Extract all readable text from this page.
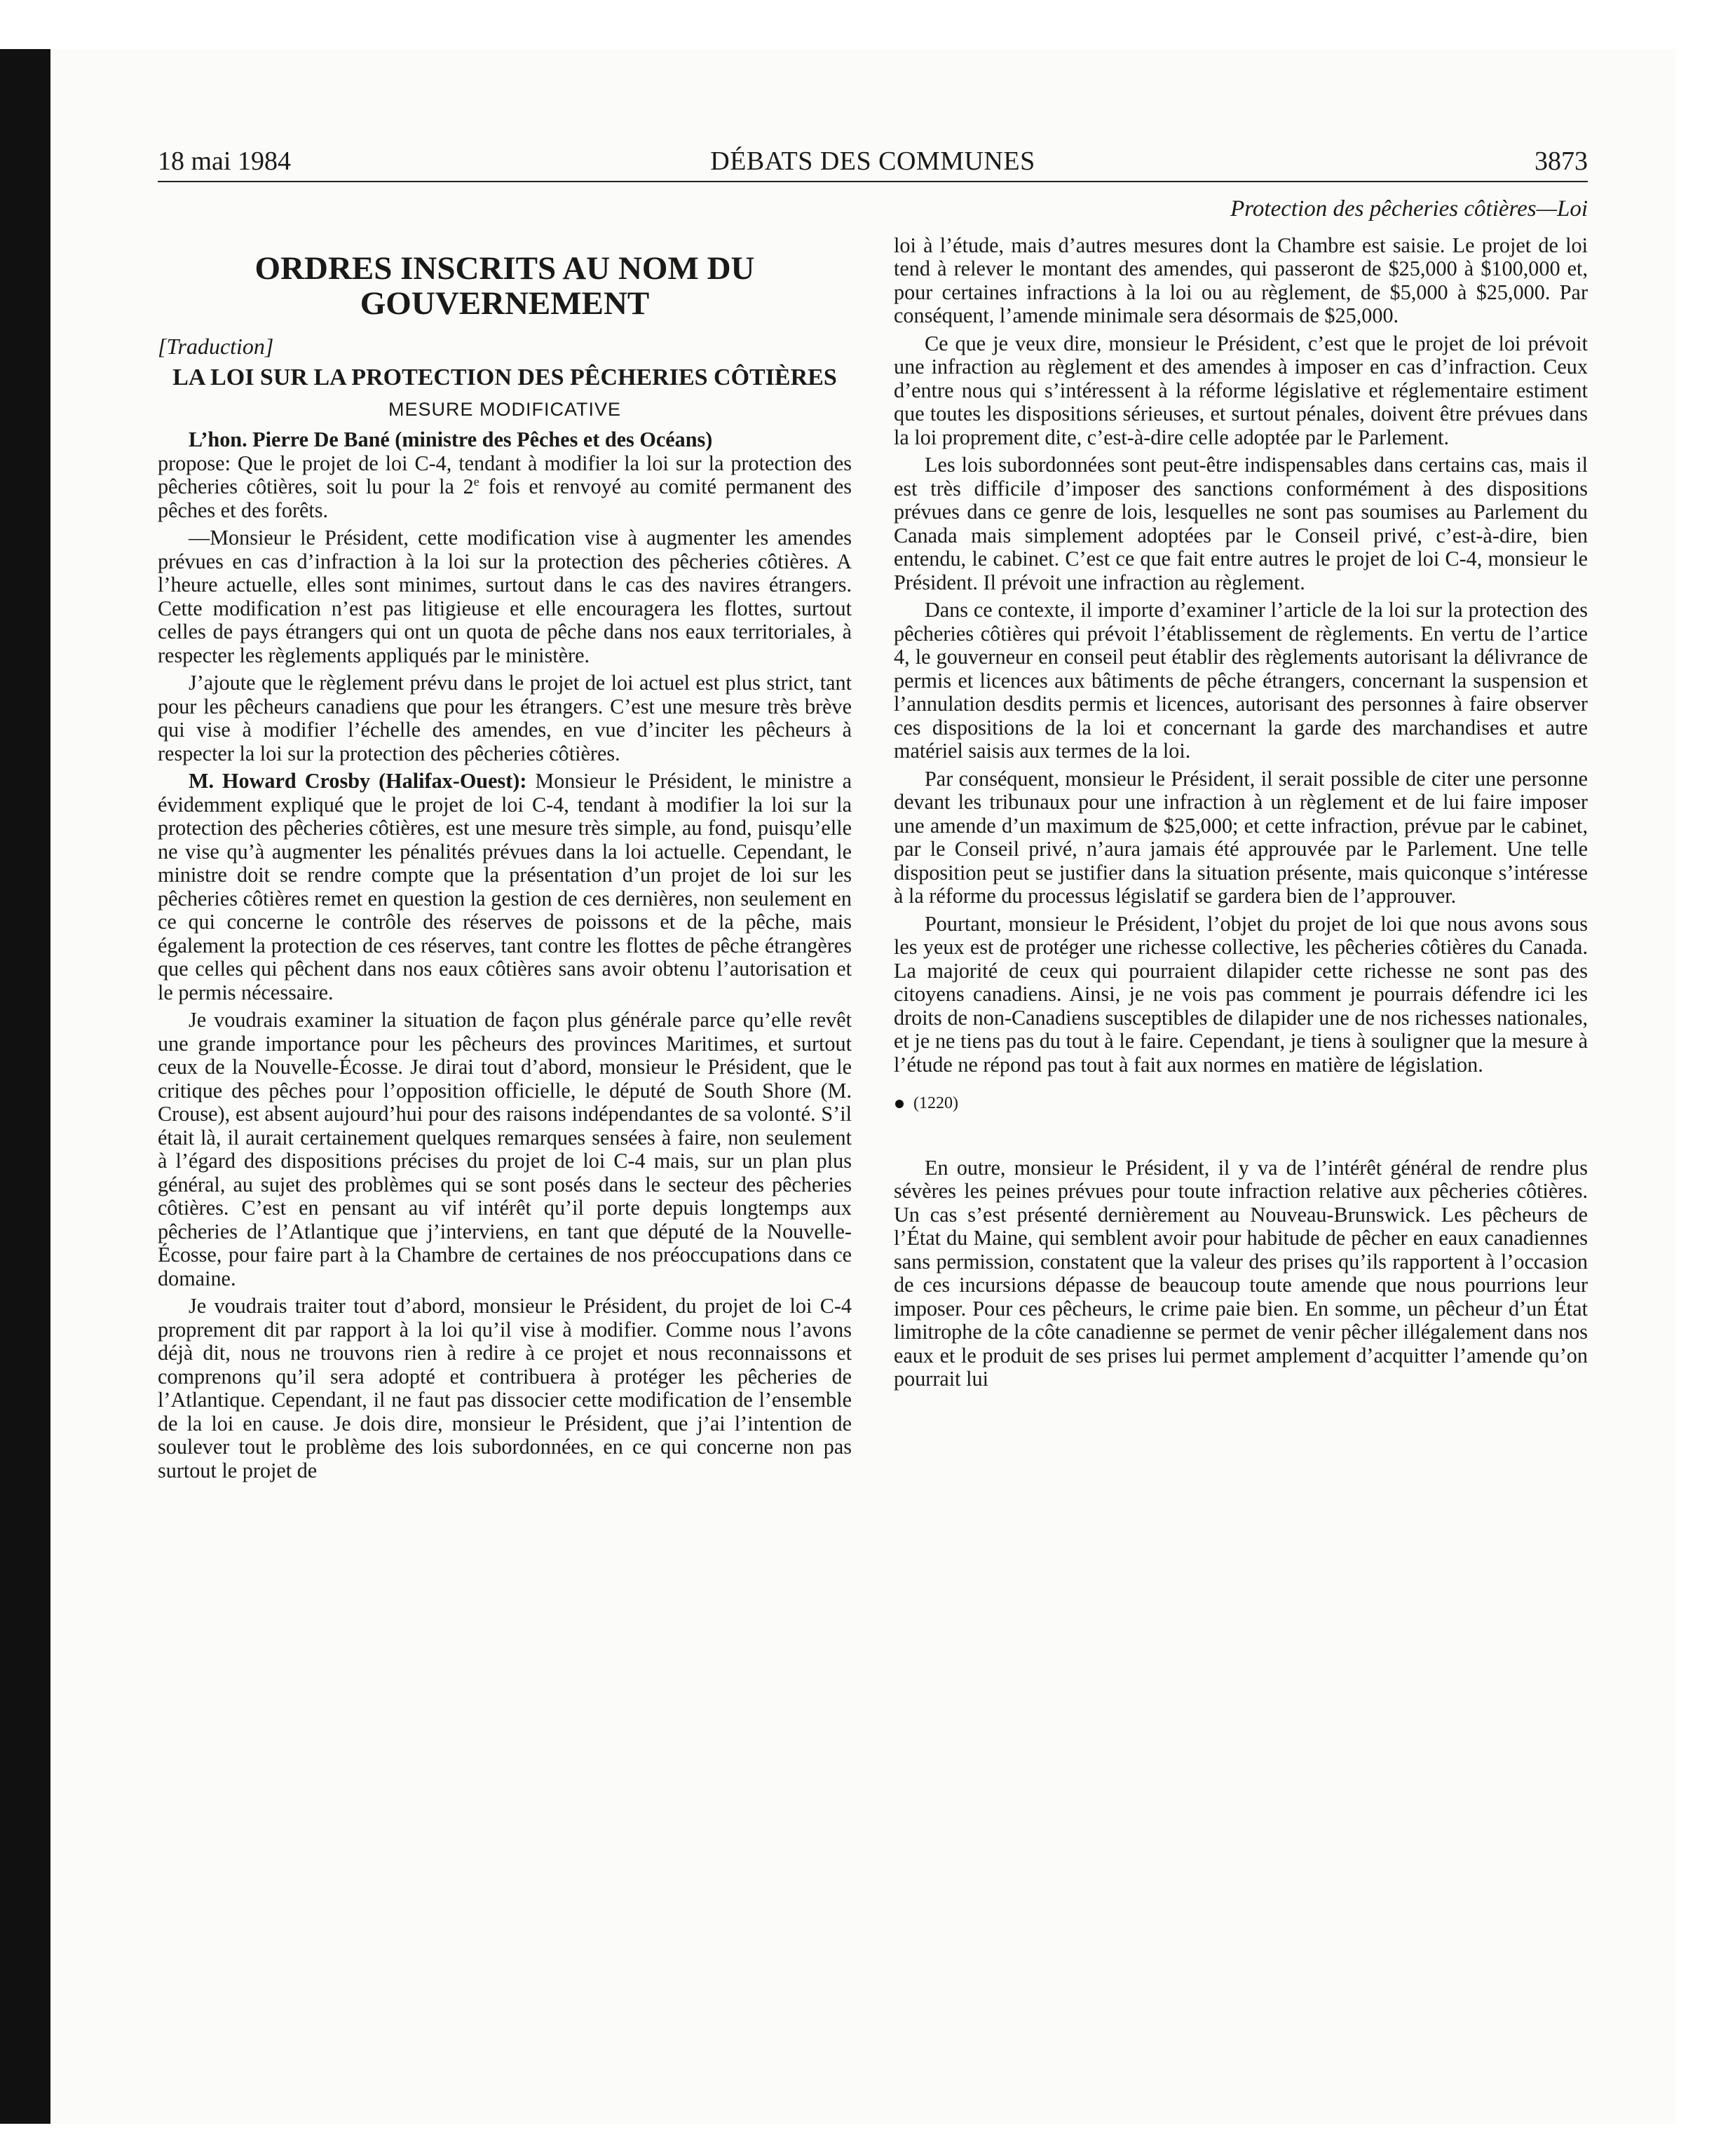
18 mai 1984	DÉBATS DES COMMUNES	3873
ORDRES INSCRITS AU NOM DU GOUVERNEMENT
[Traduction]
LA LOI SUR LA PROTECTION DES PÊCHERIES CÔTIÈRES
MESURE MODIFICATIVE

L’hon. Pierre De Bané (ministre des Pêches et des Océans)
propose: Que le projet de loi C-4, tendant à modifier la loi sur la protection des pêcheries côtières, soit lu pour la 2e fois et renvoyé au comité permanent des pêches et des forêts.

—Monsieur le Président, cette modification vise à augmenter les amendes prévues en cas d’infraction à la loi sur la protection des pêcheries côtières. A l’heure actuelle, elles sont minimes, surtout dans le cas des navires étrangers. Cette modification n’est pas litigieuse et elle encouragera les flottes, surtout celles de pays étrangers qui ont un quota de pêche dans nos eaux territoriales, à respecter les règlements appliqués par le ministère.

J’ajoute que le règlement prévu dans le projet de loi actuel est plus strict, tant pour les pêcheurs canadiens que pour les étrangers. C’est une mesure très brève qui vise à modifier l’échelle des amendes, en vue d’inciter les pêcheurs à respecter la loi sur la protection des pêcheries côtières.

M. Howard Crosby (Halifax-Ouest): Monsieur le Président, le ministre a évidemment expliqué que le projet de loi C-4, tendant à modifier la loi sur la protection des pêcheries côtières, est une mesure très simple, au fond, puisqu’elle ne vise qu’à augmenter les pénalités prévues dans la loi actuelle. Cependant, le ministre doit se rendre compte que la présentation d’un projet de loi sur les pêcheries côtières remet en question la gestion de ces dernières, non seulement en ce qui concerne le contrôle des réserves de poissons et de la pêche, mais également la protection de ces réserves, tant contre les flottes de pêche étrangères que celles qui pêchent dans nos eaux côtières sans avoir obtenu l’autorisation et le permis nécessaire.

Je voudrais examiner la situation de façon plus générale parce qu’elle revêt une grande importance pour les pêcheurs des provinces Maritimes, et surtout ceux de la Nouvelle-Écosse. Je dirai tout d’abord, monsieur le Président, que le critique des pêches pour l’opposition officielle, le député de South Shore (M. Crouse), est absent aujourd’hui pour des raisons indépendantes de sa volonté. S’il était là, il aurait certainement quelques remarques sensées à faire, non seulement à l’égard des dispositions précises du projet de loi C-4 mais, sur un plan plus général, au sujet des problèmes qui se sont posés dans le secteur des pêcheries côtières. C’est en pensant au vif intérêt qu’il porte depuis longtemps aux pêcheries de l’Atlantique que j’interviens, en tant que député de la Nouvelle-Écosse, pour faire part à la Chambre de certaines de nos préoccupations dans ce domaine.

Je voudrais traiter tout d’abord, monsieur le Président, du projet de loi C-4 proprement dit par rapport à la loi qu’il vise à modifier. Comme nous l’avons déjà dit, nous ne trouvons rien à redire à ce projet et nous reconnaissons et comprenons qu’il sera adopté et contribuera à protéger les pêcheries de l’Atlantique. Cependant, il ne faut pas dissocier cette modification de l’ensemble de la loi en cause. Je dois dire, monsieur le Président, que j’ai l’intention de soulever tout le problème des lois subordonnées, en ce qui concerne non pas surtout le projet de

Protection des pêcheries côtières—Loi

loi à l’étude, mais d’autres mesures dont la Chambre est saisie. Le projet de loi tend à relever le montant des amendes, qui passeront de $25,000 à $100,000 et, pour certaines infractions à la loi ou au règlement, de $5,000 à $25,000. Par conséquent, l’amende minimale sera désormais de $25,000.

Ce que je veux dire, monsieur le Président, c’est que le projet de loi prévoit une infraction au règlement et des amendes à imposer en cas d’infraction. Ceux d’entre nous qui s’intéressent à la réforme législative et réglementaire estiment que toutes les dispositions sérieuses, et surtout pénales, doivent être prévues dans la loi proprement dite, c’est-à-dire celle adoptée par le Parlement.

Les lois subordonnées sont peut-être indispensables dans certains cas, mais il est très difficile d’imposer des sanctions conformément à des dispositions prévues dans ce genre de lois, lesquelles ne sont pas soumises au Parlement du Canada mais simplement adoptées par le Conseil privé, c’est-à-dire, bien entendu, le cabinet. C’est ce que fait entre autres le projet de loi C-4, monsieur le Président. Il prévoit une infraction au règlement.

Dans ce contexte, il importe d’examiner l’article de la loi sur la protection des pêcheries côtières qui prévoit l’établissement de règlements. En vertu de l’artice 4, le gouverneur en conseil peut établir des règlements autorisant la délivrance de permis et licences aux bâtiments de pêche étrangers, concernant la suspension et l’annulation desdits permis et licences, autorisant des personnes à faire observer ces dispositions de la loi et concernant la garde des marchandises et autre matériel saisis aux termes de la loi.

Par conséquent, monsieur le Président, il serait possible de citer une personne devant les tribunaux pour une infraction à un règlement et de lui faire imposer une amende d’un maximum de $25,000; et cette infraction, prévue par le cabinet, par le Conseil privé, n’aura jamais été approuvée par le Parlement. Une telle disposition peut se justifier dans la situation présente, mais quiconque s’intéresse à la réforme du processus législatif se gardera bien de l’approuver.

Pourtant, monsieur le Président, l’objet du projet de loi que nous avons sous les yeux est de protéger une richesse collective, les pêcheries côtières du Canada. La majorité de ceux qui pourraient dilapider cette richesse ne sont pas des citoyens canadiens. Ainsi, je ne vois pas comment je pourrais défendre ici les droits de non-Canadiens susceptibles de dilapider une de nos richesses nationales, et je ne tiens pas du tout à le faire. Cependant, je tiens à souligner que la mesure à l’étude ne répond pas tout à fait aux normes en matière de législation.

(1220)

En outre, monsieur le Président, il y va de l’intérêt général de rendre plus sévères les peines prévues pour toute infraction relative aux pêcheries côtières. Un cas s’est présenté dernièrement au Nouveau-Brunswick. Les pêcheurs de l’État du Maine, qui semblent avoir pour habitude de pêcher en eaux canadiennes sans permission, constatent que la valeur des prises qu’ils rapportent à l’occasion de ces incursions dépasse de beaucoup toute amende que nous pourrions leur imposer. Pour ces pêcheurs, le crime paie bien. En somme, un pêcheur d’un État limitrophe de la côte canadienne se permet de venir pêcher illégalement dans nos eaux et le produit de ses prises lui permet amplement d’acquitter l’amende qu’on pourrait lui
